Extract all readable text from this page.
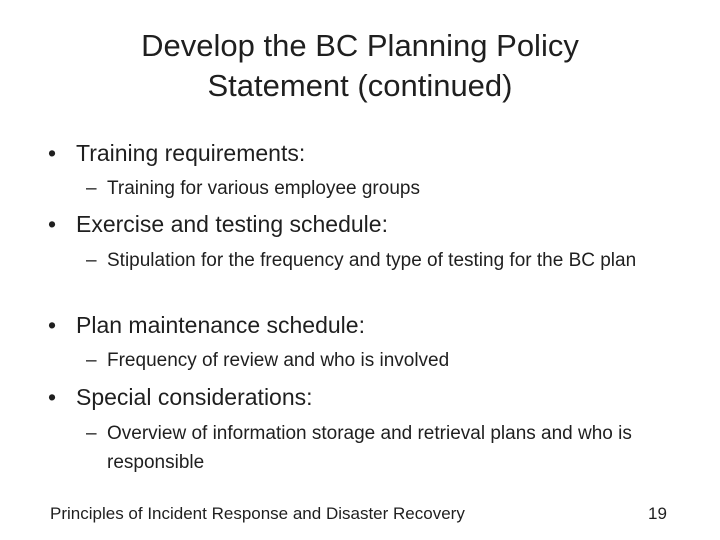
Develop the BC Planning Policy
Statement (continued)
• Training requirements:
– Training for various employee groups
• Exercise and testing schedule:
– Stipulation for the frequency and type of testing for the BC plan
• Plan maintenance schedule:
– Frequency of review and who is involved
• Special considerations:
– Overview of information storage and retrieval plans and who is responsible
Principles of Incident Response and Disaster Recovery	19
